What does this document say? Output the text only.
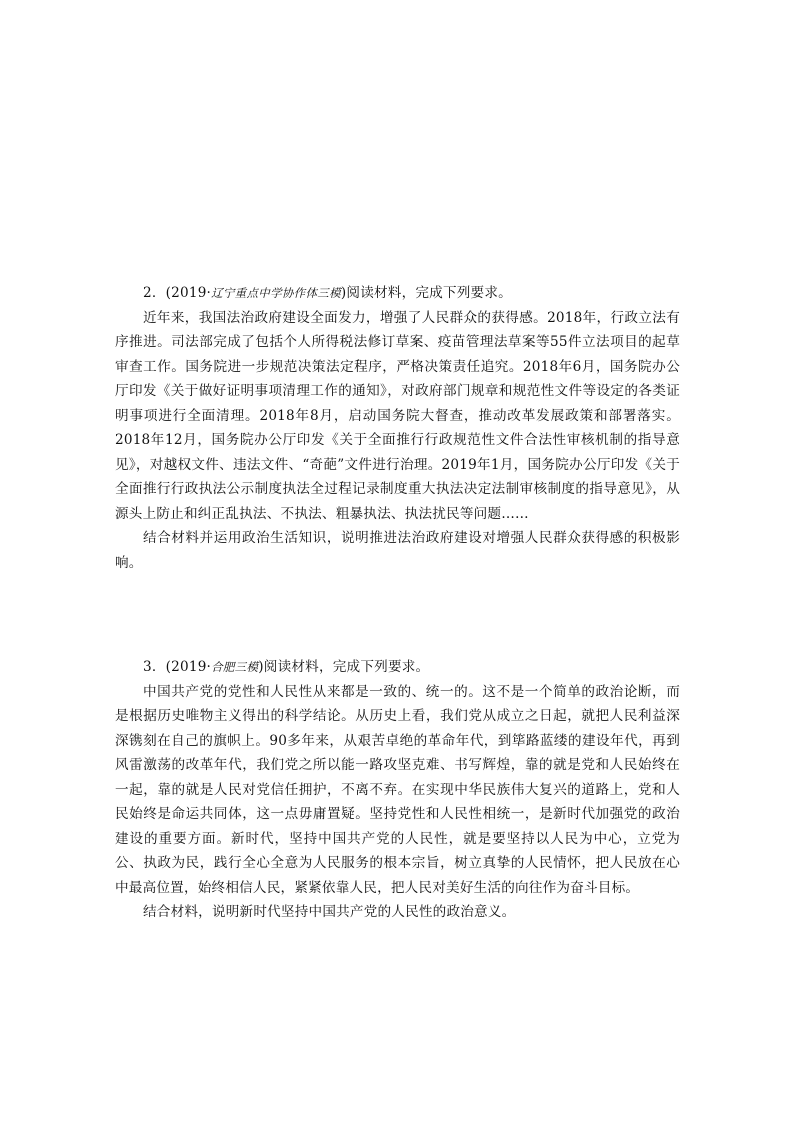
2．(2019·辽宁重点中学协作体三模)阅读材料，完成下列要求。

近年来，我国法治政府建设全面发力，增强了人民群众的获得感。2018年，行政立法有序推进。司法部完成了包括个人所得税法修订草案、疫苗管理法草案等55件立法项目的起草审查工作。国务院进一步规范决策法定程序，严格决策责任追究。2018年6月，国务院办公厅印发《关于做好证明事项清理工作的通知》，对政府部门规章和规范性文件等设定的各类证明事项进行全面清理。2018年8月，启动国务院大督查，推动改革发展政策和部署落实。2018年12月，国务院办公厅印发《关于全面推行行政规范性文件合法性审核机制的指导意见》，对越权文件、违法文件、“奇葩”文件进行治理。2019年1月，国务院办公厅印发《关于全面推行行政执法公示制度执法全过程记录制度重大执法决定法制审核制度的指导意见》，从源头上防止和纠正乱执法、不执法、粗暴执法、执法扰民等问题……

结合材料并运用政治生活知识，说明推进法治政府建设对增强人民群众获得感的积极影响。

3．(2019·合肥三模)阅读材料，完成下列要求。

中国共产党的党性和人民性从来都是一致的、统一的。这不是一个简单的政治论断，而是根据历史唯物主义得出的科学结论。从历史上看，我们党从成立之日起，就把人民利益深深镌刻在自己的旗帜上。90多年来，从艰苦卓绝的革命年代，到筚路蓝缕的建设年代，再到风雷激荡的改革年代，我们党之所以能一路攻坚克难、书写辉煌，靠的就是党和人民始终在一起，靠的就是人民对党信任拥护，不离不弃。在实现中华民族伟大复兴的道路上，党和人民始终是命运共同体，这一点毋庸置疑。坚持党性和人民性相统一，是新时代加强党的政治建设的重要方面。新时代，坚持中国共产党的人民性，就是要坚持以人民为中心，立党为公、执政为民，践行全心全意为人民服务的根本宗旨，树立真挚的人民情怀，把人民放在心中最高位置，始终相信人民，紧紧依靠人民，把人民对美好生活的向往作为奋斗目标。

结合材料，说明新时代坚持中国共产党的人民性的政治意义。
